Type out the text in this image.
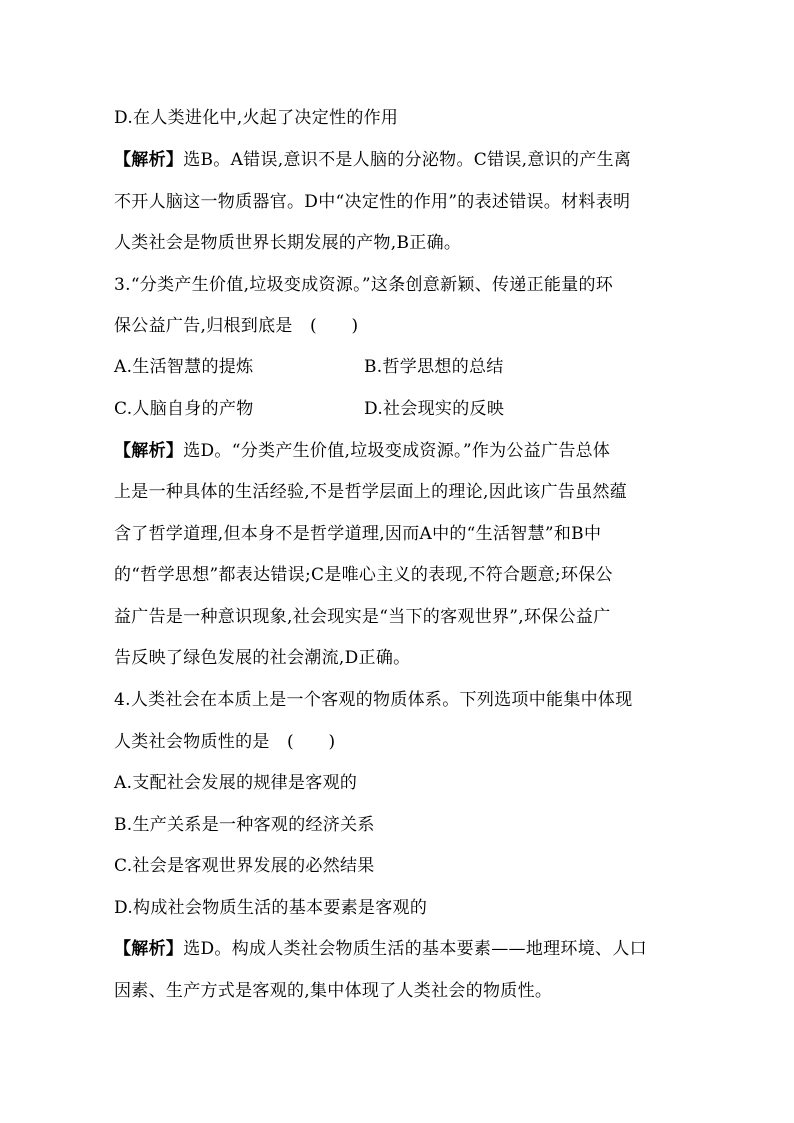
D.在人类进化中,火起了决定性的作用
【解析】选B。A错误,意识不是人脑的分泌物。C错误,意识的产生离
不开人脑这一物质器官。D中“决定性的作用”的表述错误。材料表明
人类社会是物质世界长期发展的产物,B正确。
3.“分类产生价值,垃圾变成资源。”这条创意新颖、传递正能量的环
保公益广告,归根到底是　(　　)
A.生活智慧的提炼	B.哲学思想的总结
C.人脑自身的产物	D.社会现实的反映
【解析】选D。“分类产生价值,垃圾变成资源。”作为公益广告总体
上是一种具体的生活经验,不是哲学层面上的理论,因此该广告虽然蕴
含了哲学道理,但本身不是哲学道理,因而A中的“生活智慧”和B中
的“哲学思想”都表达错误;C是唯心主义的表现,不符合题意;环保公
益广告是一种意识现象,社会现实是“当下的客观世界”,环保公益广
告反映了绿色发展的社会潮流,D正确。
4.人类社会在本质上是一个客观的物质体系。下列选项中能集中体现
人类社会物质性的是　(　　)
A.支配社会发展的规律是客观的
B.生产关系是一种客观的经济关系
C.社会是客观世界发展的必然结果
D.构成社会物质生活的基本要素是客观的
【解析】选D。构成人类社会物质生活的基本要素——地理环境、人口
因素、生产方式是客观的,集中体现了人类社会的物质性。
